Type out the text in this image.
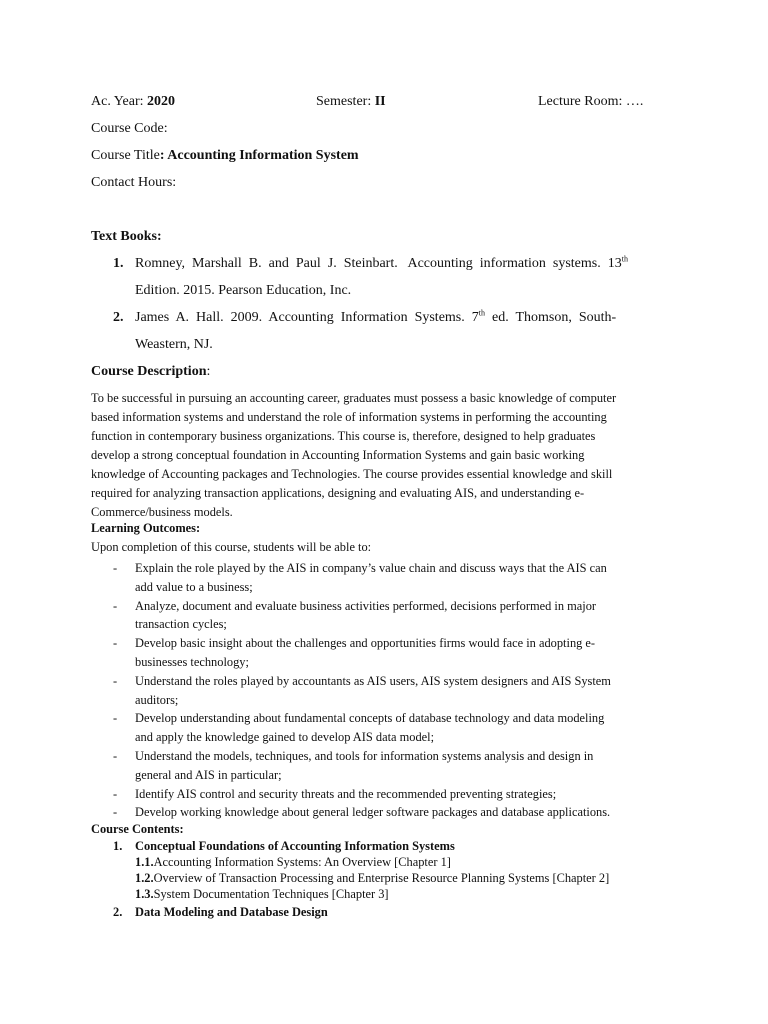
Ac. Year: 2020	Semester: II	Lecture Room: ….
Course Code:
Course Title: Accounting Information System
Contact Hours:
Text Books:
1. Romney,  Marshall  B.  and  Paul  J.  Steinbart.   Accounting  information  systems.  13th
Edition. 2015. Pearson Education, Inc.
2. James  A.  Hall.  2009.  Accounting  Information  Systems.  7th  ed.  Thomson,  South-
Weastern, NJ.
Course Description:
To be successful in pursuing an accounting career, graduates must possess a basic knowledge of computer
based information systems and understand the role of information systems in performing the accounting
function in contemporary business organizations. This course is, therefore, designed to help graduates
develop a strong conceptual foundation in Accounting Information Systems and gain basic working
knowledge of Accounting packages and Technologies. The course provides essential knowledge and skill
required for analyzing transaction applications, designing and evaluating AIS, and understanding e-
Commerce/business models.
Learning Outcomes:
Upon completion of this course, students will be able to:
- Explain the role played by the AIS in company’s value chain and discuss ways that the AIS can
add value to a business;
- Analyze, document and evaluate business activities performed, decisions performed in major
transaction cycles;
- Develop basic insight about the challenges and opportunities firms would face in adopting e-
businesses technology;
- Understand the roles played by accountants as AIS users, AIS system designers and AIS System
auditors;
- Develop understanding about fundamental concepts of database technology and data modeling
and apply the knowledge gained to develop AIS data model;
- Understand the models, techniques, and tools for information systems analysis and design in
general and AIS in particular;
- Identify AIS control and security threats and the recommended preventing strategies;
- Develop working knowledge about general ledger software packages and database applications.
Course Contents:
1. Conceptual Foundations of Accounting Information Systems
1.1.Accounting Information Systems: An Overview [Chapter 1]
1.2.Overview of Transaction Processing and Enterprise Resource Planning Systems [Chapter 2]
1.3.System Documentation Techniques [Chapter 3]
2. Data Modeling and Database Design
